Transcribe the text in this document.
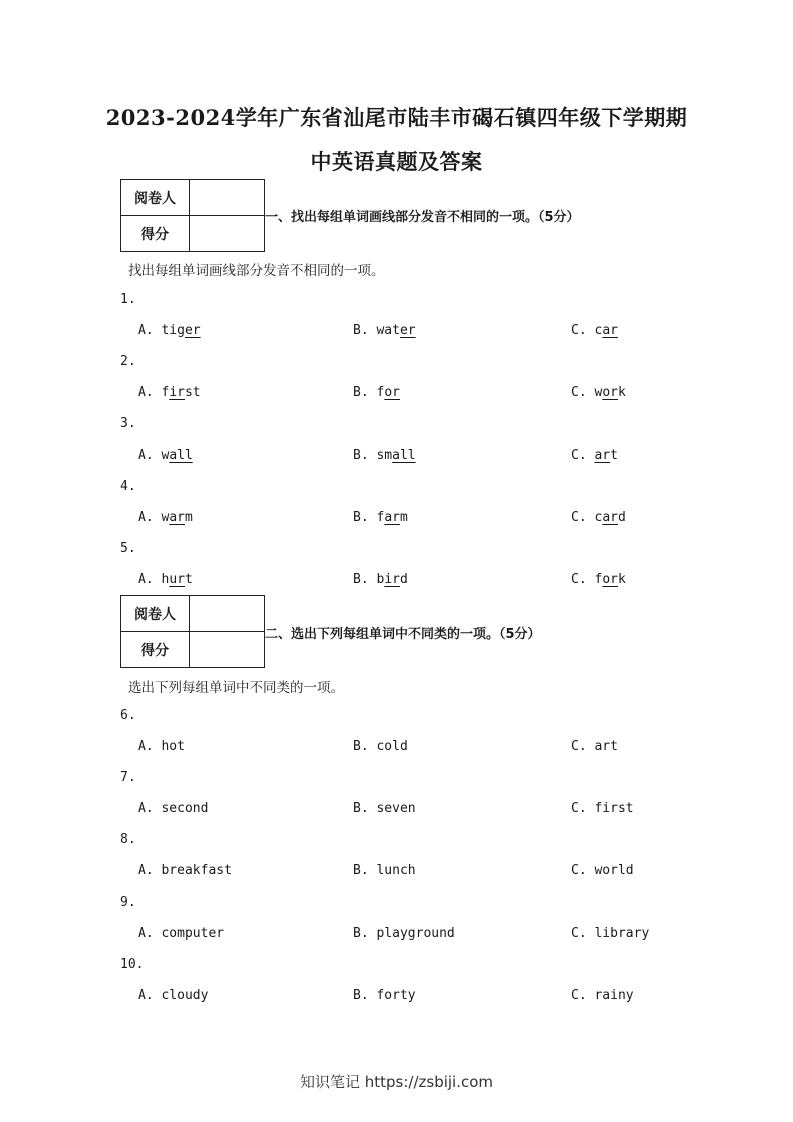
2023-2024学年广东省汕尾市陆丰市碣石镇四年级下学期期
中英语真题及答案
阅卷人	
得分	
一、找出每组单词画线部分发音不相同的一项。（5分）
找出每组单词画线部分发音不相同的一项。
1.
A. tiger	B. water	C. car
2.
A. first	B. for	C. work
3.
A. wall	B. small	C. art
4.
A. warm	B. farm	C. card
5.
A. hurt	B. bird	C. fork
阅卷人	
得分	
二、选出下列每组单词中不同类的一项。（5分）
选出下列每组单词中不同类的一项。
6.
A. hot	B. cold	C. art
7.
A. second	B. seven	C. first
8.
A. breakfast	B. lunch	C. world
9.
A. computer	B. playground	C. library
10.
A. cloudy	B. forty	C. rainy
知识笔记 https://zsbiji.com
